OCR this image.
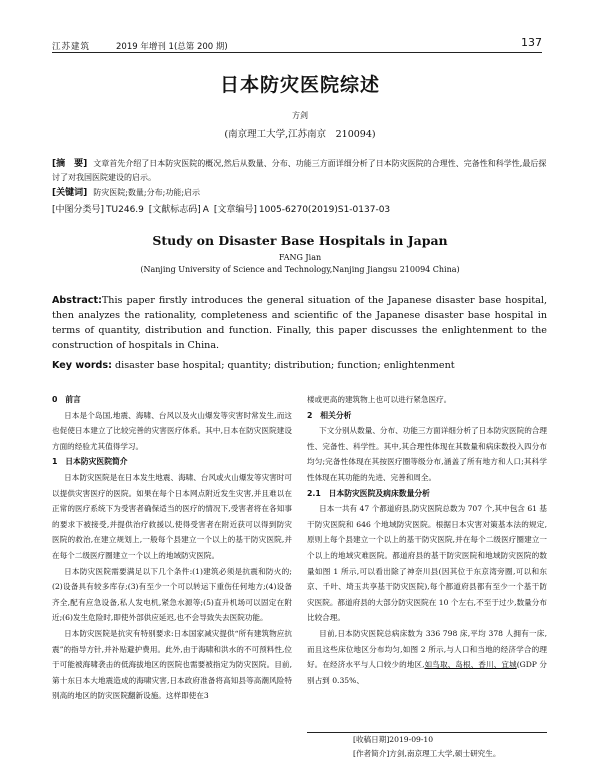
江苏建筑	2019 年增刊 1(总第 200 期)	137
日本防灾医院综述
方剑
(南京理工大学,江苏南京　210094)
[摘　要] 文章首先介绍了日本防灾医院的概况,然后从数量、分布、功能三方面详细分析了日本防灾医院的合理性、完备性和科学性,最后探讨了对我国医院建设的启示。
[关键词] 防灾医院;数量;分布;功能;启示
[中图分类号] TU246.9 [文献标志码] A [文章编号] 1005-6270(2019)S1-0137-03
Study on Disaster Base Hospitals in Japan
FANG Jian
(Nanjing University of Science and Technology,Nanjing Jiangsu 210094 China)
Abstract:This paper firstly introduces the general situation of the Japanese disaster base hospital, then analyzes the rationality, completeness and scientific of the Japanese disaster base hospital in terms of quantity, distribution and function. Finally, this paper discusses the enlightenment to the construction of hospitals in China.
Key words: disaster base hospital; quantity; distribution; function; enlightenment
0　前言

日本是个岛国,地震、海啸、台风以及火山爆发等灾害时常发生,而这也促使日本建立了比较完善的灾害医疗体系。其中,日本在防灾医院建设方面的经验尤其值得学习。

1　日本防灾医院简介

日本防灾医院是在日本发生地震、海啸、台风或火山爆发等灾害时可以提供灾害医疗的医院。如果在每个日本网点附近发生灾害,并且难以在正常的医疗系统下为受害者确保适当的医疗的情况下,受害者将在各知事的要求下被接受,并提供治疗救援以,使得受害者在附近获可以得到防灾医院的救治,在建立规划上,一般每个县建立一个以上的基干防灾医院,并在每个二级医疗圈建立一个以上的地域防灾医院。

日本防灾医院需要满足以下几个条件:(1)建筑必须是抗震和防火的;(2)设备具有较多库存;(3)有至少一个可以转运下重伤任何地方;(4)设备齐全,配有应急设备,私人发电机,紧急水源等;(5)直升机场可以固定在附近;(6)发生危险时,即使外部供应延迟,也不会导致失去医院功能。

日本防灾医院是抗灾有特别要求:日本国家减灾提供“所有建筑物应抗震”的指导方针,并补贴避护费用。此外,由于海啸和洪水的不可预料性,位于可能被海啸袭击的低海拔地区的医院也需要被指定为防灾医院。目前,第十东日本大地震造成的海啸灾害,日本政府准备将高知县等高潮风险特别高的地区的防灾医院翻新设施。这样即使在3

楼或更高的建筑物上也可以进行紧急医疗。

2　相关分析

下文分别从数量、分布、功能三方面详细分析了日本防灾医院的合理性、完备性、科学性。其中,其合理性体现在其数量和病床数投入四分布均匀;完备性体现在其按医疗圈等级分布,涵盖了所有地方和人口;其科学性体现在其功能的先进、完善和周全。

2.1　日本防灾医院及病床数量分析

日本一共有 47 个都道府县,防灾医院总数为 707 个,其中包含 61 基干防灾医院和 646 个地域防灾医院。根据日本灾害对策基本法的规定,原则上每个县建立一个以上的基干防灾医院,并在每个二级医疗圈建立一个以上的地域灾难医院。都道府县的基干防灾医院和地域防灾医院的数量如图 1 所示,可以看出除了神奈川县(因其位于东京湾旁圈,可以和东京、千叶、埼玉共享基干防灾医院),每个都道府县都有至少一个基干防灾医院。都道府县的大部分防灾医院在 10 个左右,不至于过少,数量分布比较合理。

目前,日本防灾医院总病床数为 336 798 床,平均 378 人拥有一床,而且这些床位地区分布均匀,如图 2 所示,与人口和当地的经济学合的理好。在经济水平与人口较少的地区,如鸟取、岛根、香川、宜城(GDP 分别占到 0.35%、

[收稿日期]2019-09-10
[作者简介]方剑,南京理工大学,硕士研究生。
